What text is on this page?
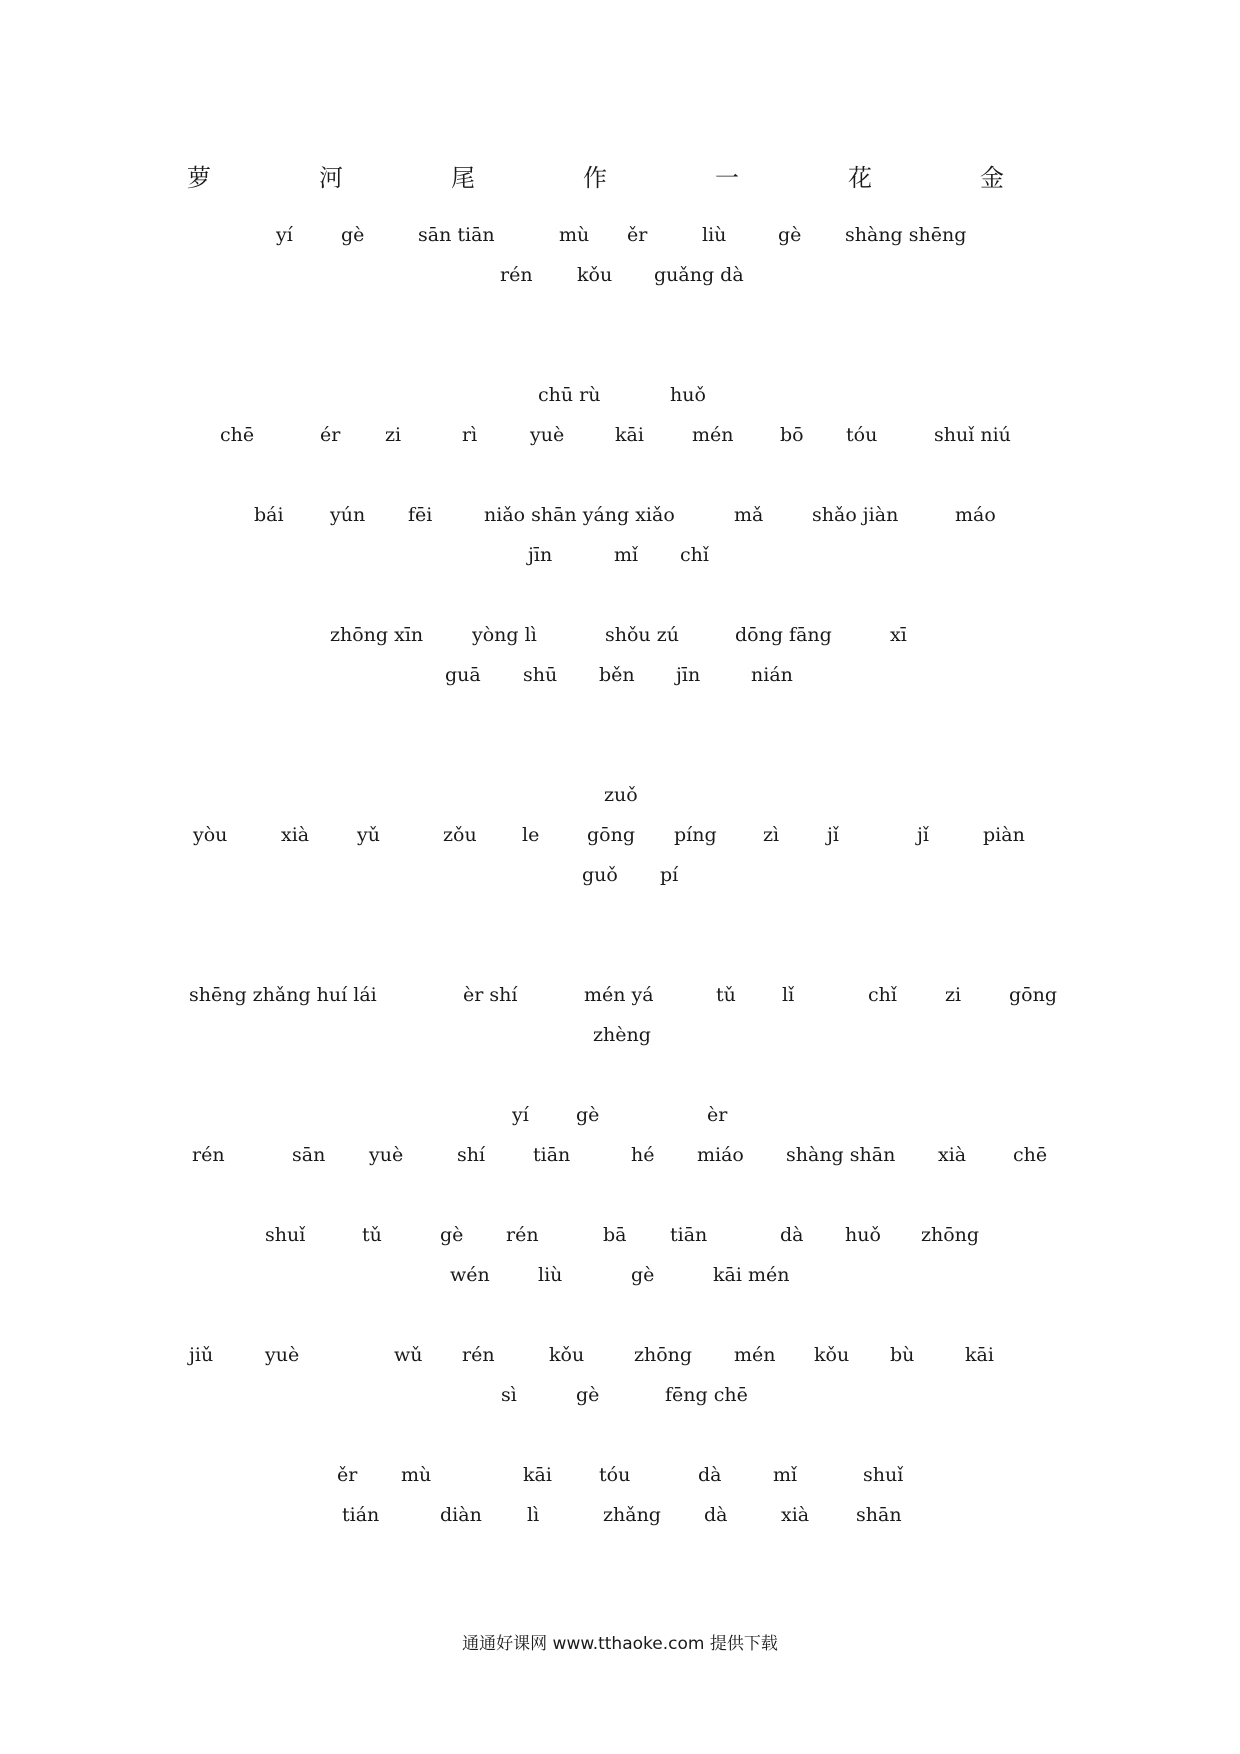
萝	河	尾	作	一	花	金
yí	gè	sān tiān	mù ěr	liù	gè shàng shēng
rén kǒu guǎng dà
chū rù	huǒ
chē	ér zi	rì	yuè	kāi	mén bō tóu	shuǐ niú
bái yún fēi	niǎo shān yáng xiǎo	mǎ	shǎo jiàn	máo
jīn	mǐ chǐ
zhōng xīn	yòng lì	shǒu zú	dōng fāng	xī
guā shū běn jīn	nián
zuǒ
yòu	xià	yǔ	zǒu le	gōng píng zì	jǐ	jǐ	piàn
guǒ pí
shēng zhǎng huí lái	èr shí	mén yá	tǔ lǐ	chǐ	zi	gōng
zhèng
yí gè	èr
rén	sān yuè	shí	tiān	hé miáo shàng shān xià chē
shuǐ	tǔ	gè rén	bā tiān	dà huǒ zhōng
wén	liù	gè	kāi mén
jiǔ	yuè	wǔ rén	kǒu	zhōng mén kǒu bù	kāi
sì	gè	fēng chē
ěr mù	kāi tóu	dà	mǐ	shuǐ
tián	diàn lì	zhǎng dà	xià shān
通通好课网 www.tthaoke.com 提供下载
